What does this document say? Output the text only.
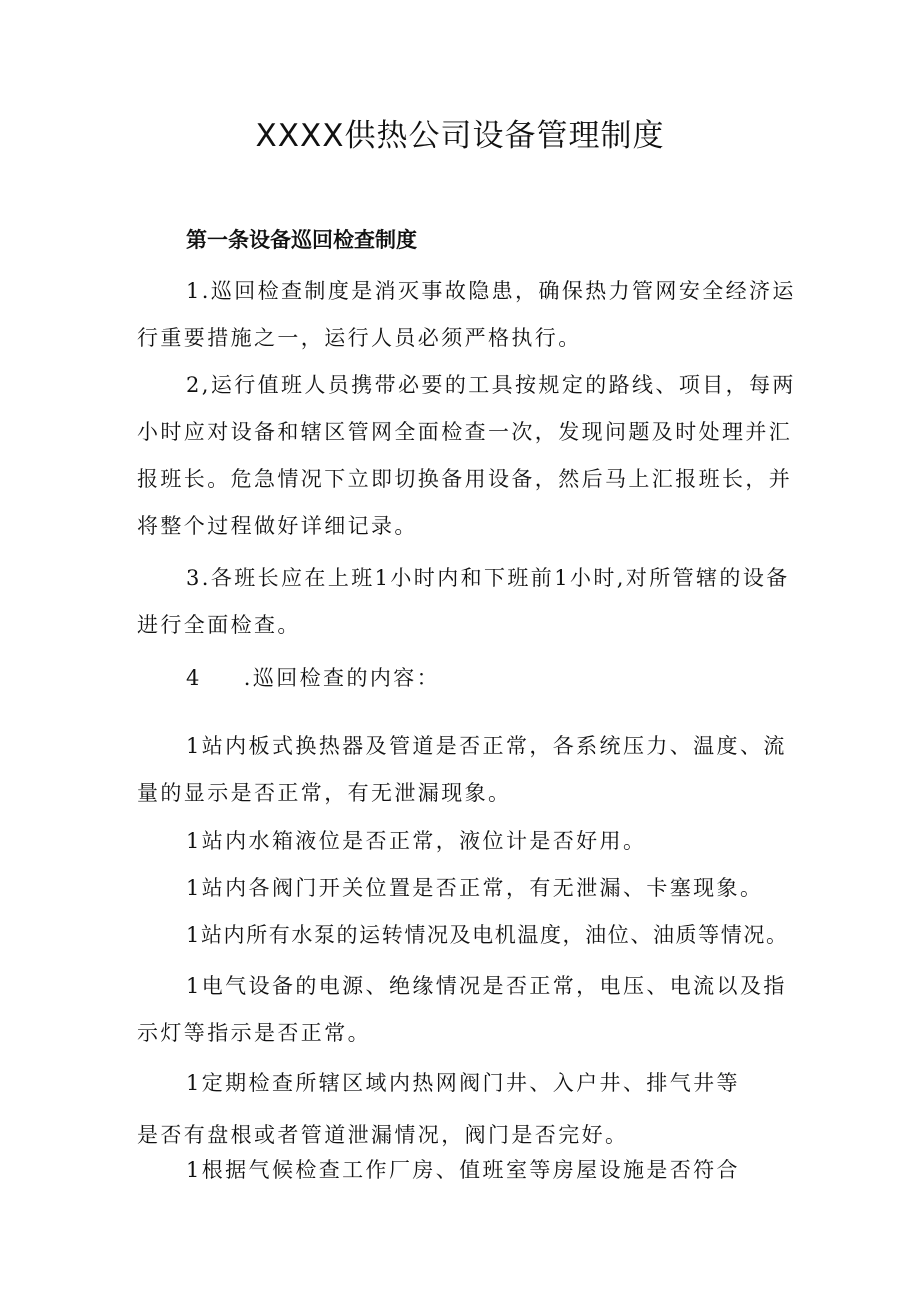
XXXX供热公司设备管理制度
第一条设备巡回检查制度

1.巡回检查制度是消灭事故隐患，确保热力管网安全经济运行重要措施之一，运行人员必须严格执行。

2,运行值班人员携带必要的工具按规定的路线、项目，每两小时应对设备和辖区管网全面检查一次，发现问题及时处理并汇报班长。危急情况下立即切换备用设备，然后马上汇报班长，并将整个过程做好详细记录。

3.各班长应在上班1小时内和下班前1小时,对所管辖的设备进行全面检查。

4 .巡回检查的内容：

1站内板式换热器及管道是否正常，各系统压力、温度、流量的显示是否正常，有无泄漏现象。

1站内水箱液位是否正常，液位计是否好用。

1站内各阀门开关位置是否正常，有无泄漏、卡塞现象。

1站内所有水泵的运转情况及电机温度，油位、油质等情况。

1电气设备的电源、绝缘情况是否正常，电压、电流以及指示灯等指示是否正常。

1定期检查所辖区域内热网阀门井、入户井、排气井等

是否有盘根或者管道泄漏情况，阀门是否完好。

1根据气候检查工作厂房、值班室等房屋设施是否符合
